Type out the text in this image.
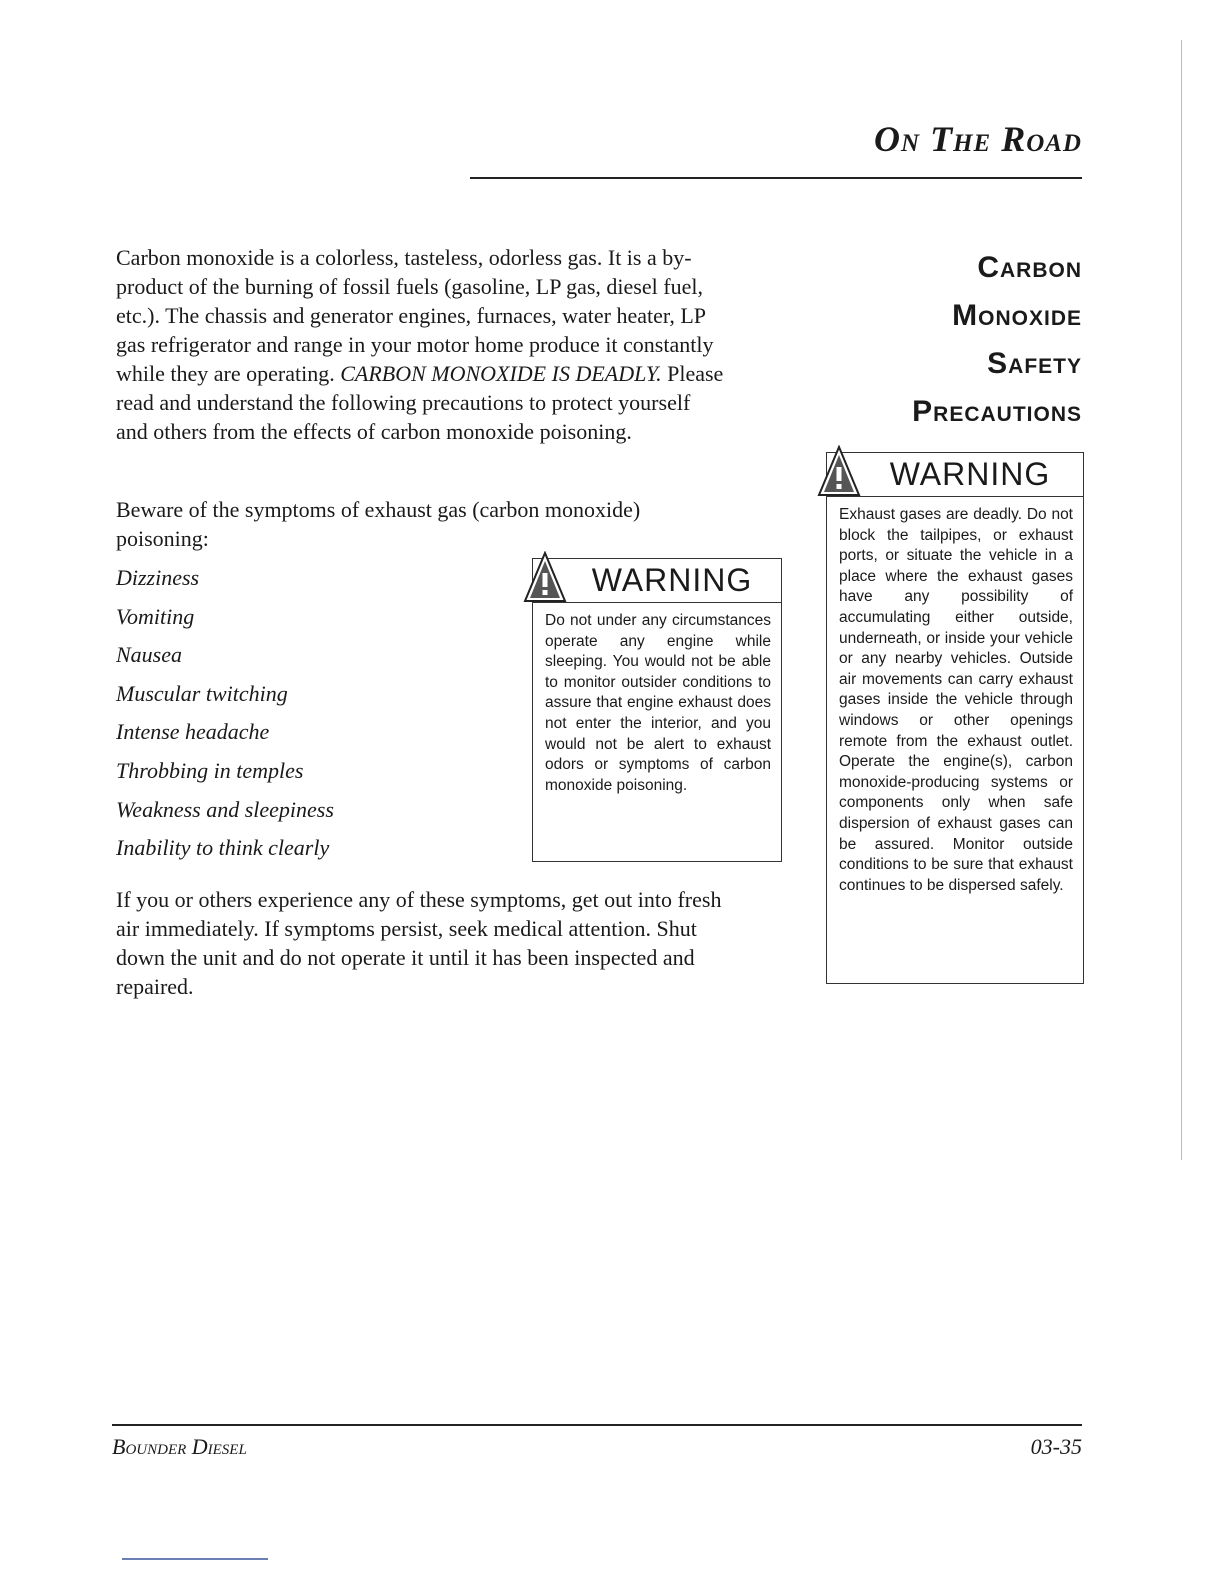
On The Road
Carbon monoxide is a colorless, tasteless, odorless gas. It is a by-product of the burning of fossil fuels (gasoline, LP gas, diesel fuel, etc.). The chassis and generator engines, furnaces, water heater, LP gas refrigerator and range in your motor home produce it constantly while they are operating. CARBON MONOXIDE IS DEADLY. Please read and understand the following precautions to protect yourself and others from the effects of carbon monoxide poisoning.
Beware of the symptoms of exhaust gas (carbon monoxide) poisoning:
Dizziness
Vomiting
Nausea
Muscular twitching
Intense headache
Throbbing in temples
Weakness and sleepiness
Inability to think clearly
If you or others experience any of these symptoms, get out into fresh air immediately. If symptoms persist, seek medical attention. Shut down the unit and do not operate it until it has been inspected and repaired.
Carbon
Monoxide
Safety
Precautions
WARNING
Do not under any circumstances operate any engine while sleeping. You would not be able to monitor outsider conditions to assure that engine exhaust does not enter the interior, and you would not be alert to exhaust odors or symptoms of carbon monoxide poisoning.
WARNING
Exhaust gases are deadly. Do not block the tailpipes, or exhaust ports, or situate the vehicle in a place where the exhaust gases have any possibility of accumulating either outside, underneath, or inside your vehicle or any nearby vehicles. Outside air movements can carry exhaust gases inside the vehicle through windows or other openings remote from the exhaust outlet. Operate the engine(s), carbon monoxide-producing systems or components only when safe dispersion of exhaust gases can be assured. Monitor outside conditions to be sure that exhaust continues to be dispersed safely.
Bounder Diesel	03-35
